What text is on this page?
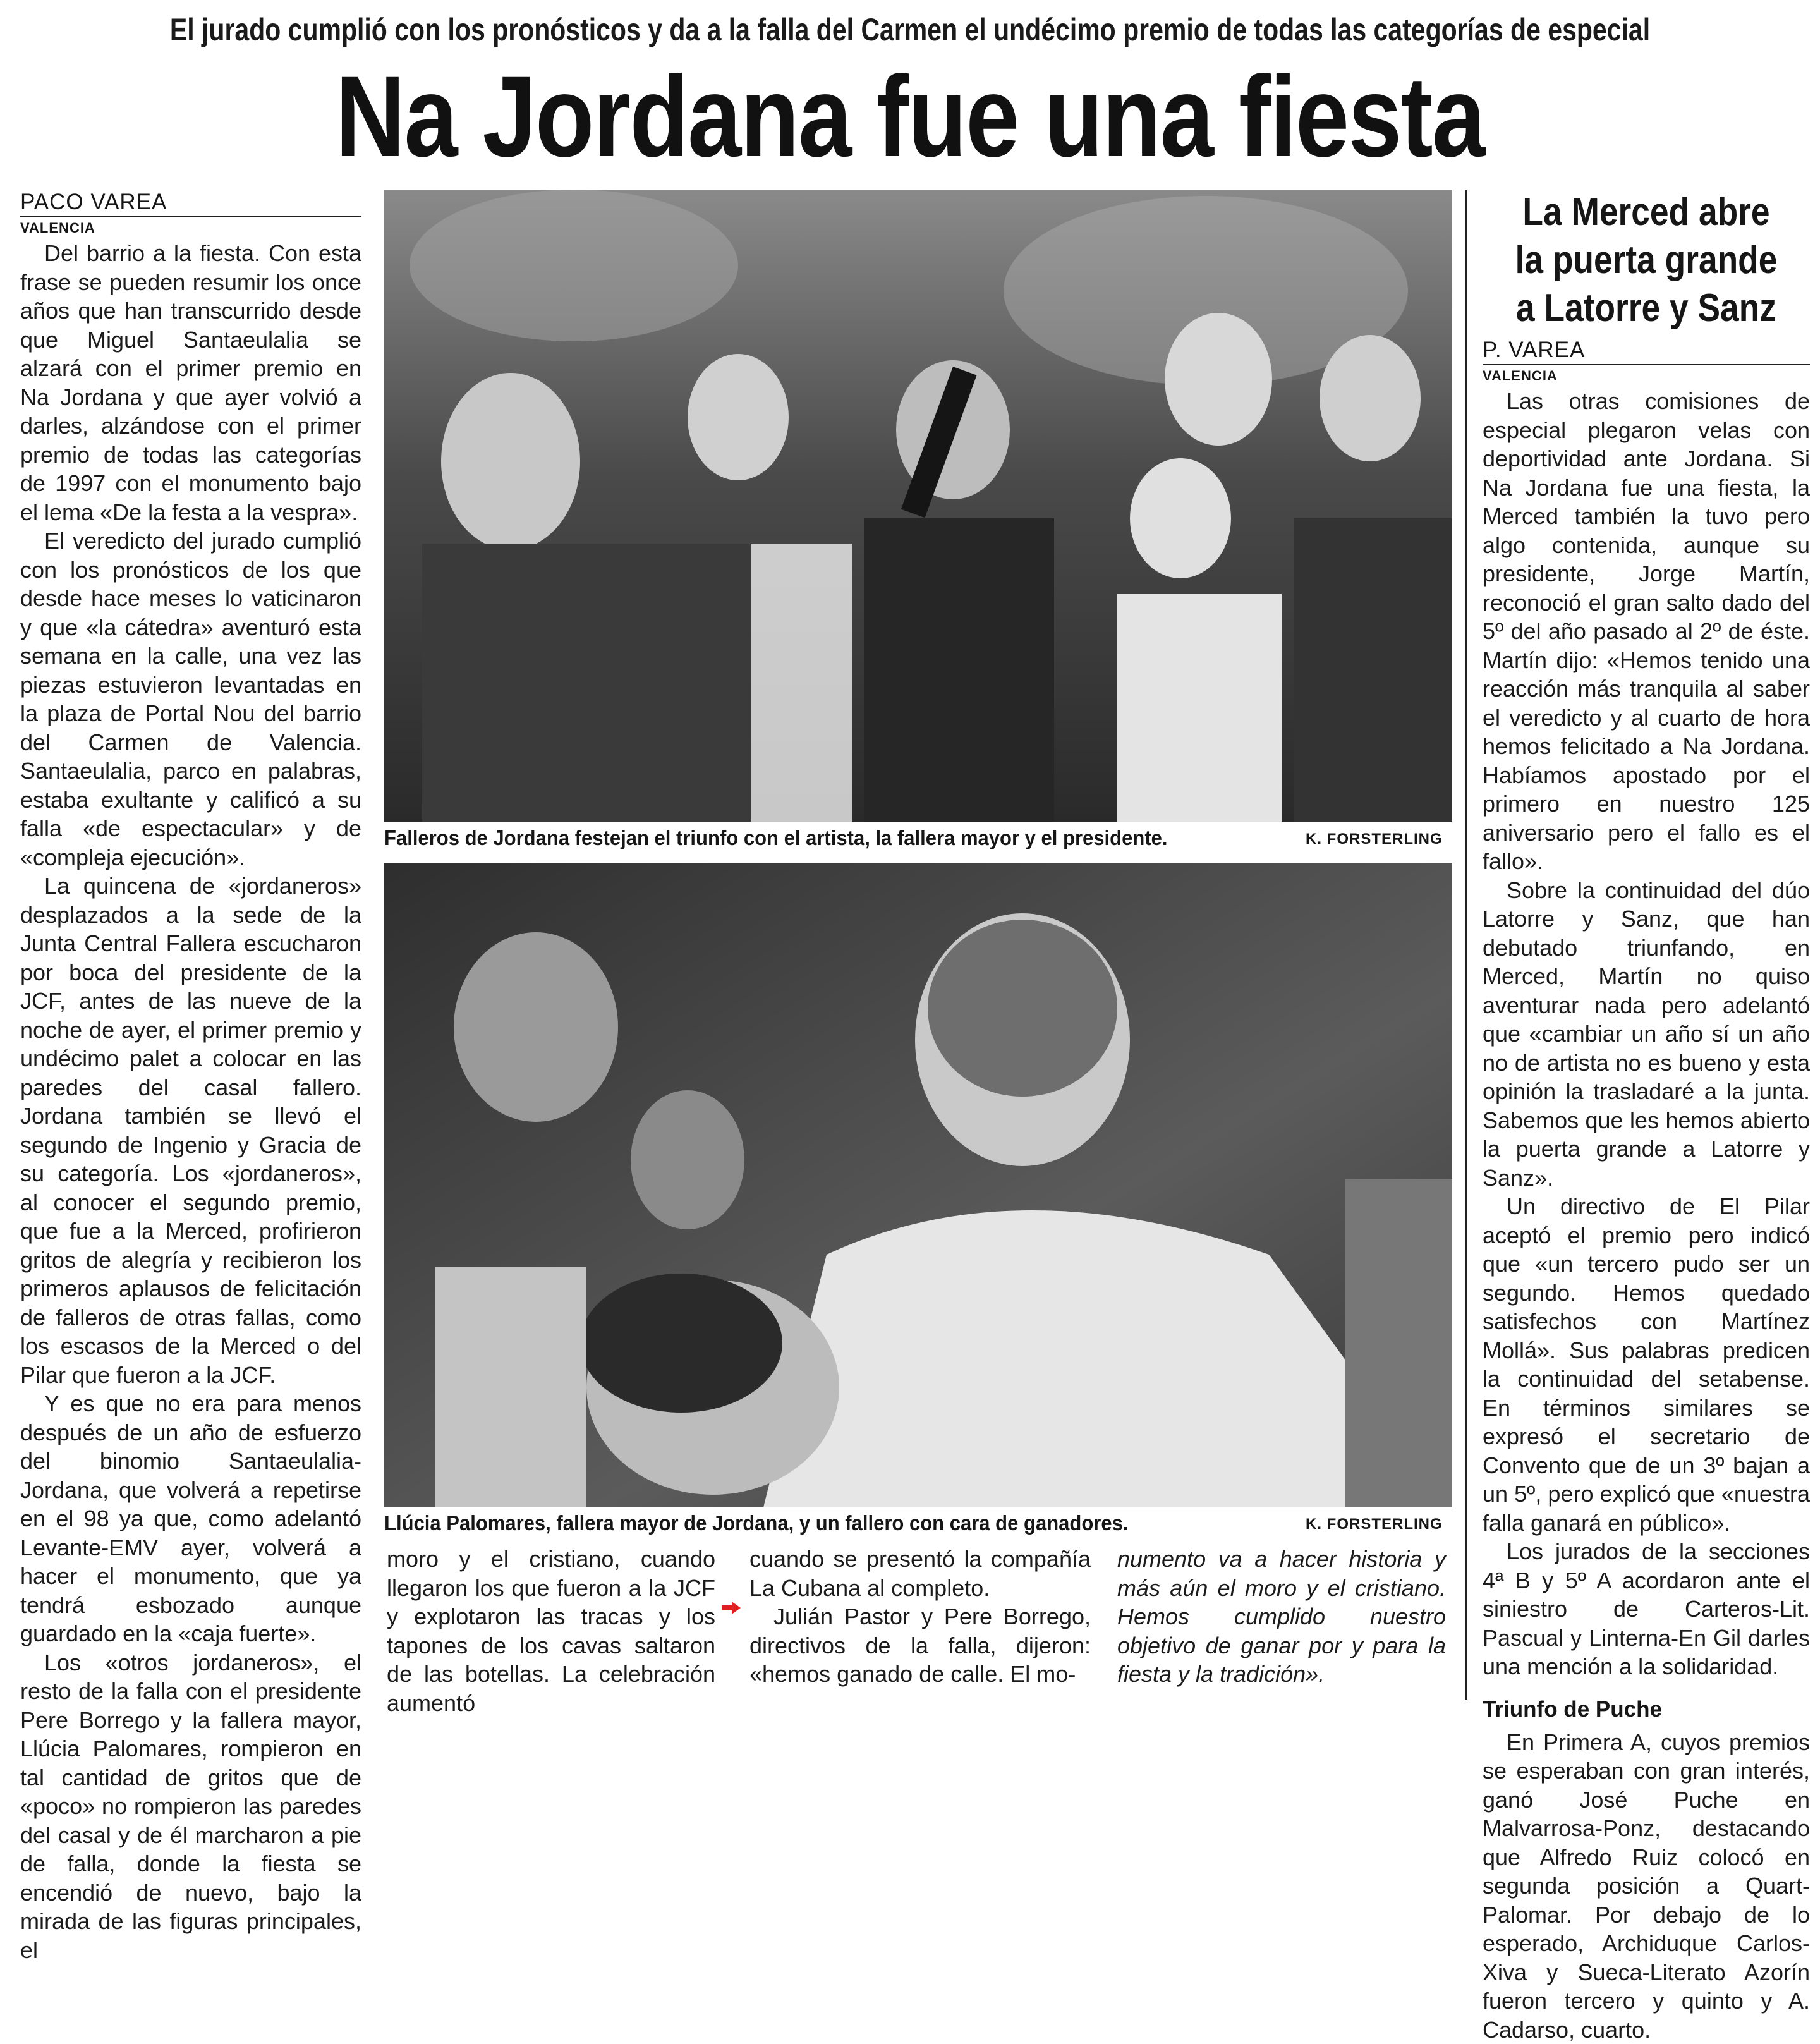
El jurado cumplió con los pronósticos y da a la falla del Carmen el undécimo premio de todas las categorías de especial
Na Jordana fue una fiesta
PACO VAREA
VALENCIA

Del barrio a la fiesta. Con esta frase se pueden resumir los once años que han transcurrido desde que Miguel Santaeulalia se alzará con el primer premio en Na Jordana y que ayer volvió a darles, alzándose con el primer premio de todas las categorías de 1997 con el monumento bajo el lema «De la festa a la vespra».

El veredicto del jurado cumplió con los pronósticos de los que desde hace meses lo vaticinaron y que «la cátedra» aventuró esta semana en la calle, una vez las piezas estuvieron levantadas en la plaza de Portal Nou del barrio del Carmen de Valencia. Santaeulalia, parco en palabras, estaba exultante y calificó a su falla «de espectacular» y de «compleja ejecución».

La quincena de «jordaneros» desplazados a la sede de la Junta Central Fallera escucharon por boca del presidente de la JCF, antes de las nueve de la noche de ayer, el primer premio y undécimo palet a colocar en las paredes del casal fallero. Jordana también se llevó el segundo de Ingenio y Gracia de su categoría. Los «jordaneros», al conocer el segundo premio, que fue a la Merced, profirieron gritos de alegría y recibieron los primeros aplausos de felicitación de falleros de otras fallas, como los escasos de la Merced o del Pilar que fueron a la JCF.

Y es que no era para menos después de un año de esfuerzo del binomio Santaeulalia-Jordana, que volverá a repetirse en el 98 ya que, como adelantó Levante-EMV ayer, volverá a hacer el monumento, que ya tendrá esbozado aunque guardado en la «caja fuerte».

Los «otros jordaneros», el resto de la falla con el presidente Pere Borrego y la fallera mayor, Llúcia Palomares, rompieron en tal cantidad de gritos que de «poco» no rompieron las paredes del casal y de él marcharon a pie de falla, donde la fiesta se encendió de nuevo, bajo la mirada de las figuras principales, el

Falleros de Jordana festejan el triunfo con el artista, la fallera mayor y el presidente.	K. FORSTERLING
Llúcia Palomares, fallera mayor de Jordana, y un fallero con cara de ganadores.	K. FORSTERLING

moro y el cristiano, cuando llegaron los que fueron a la JCF y explotaron las tracas y los tapones de los cavas saltaron de las botellas. La celebración aumentó

cuando se presentó la compañía La Cubana al completo.

Julián Pastor y Pere Borrego, directivos de la falla, dijeron: «hemos ganado de calle. El mo-

numento va a hacer historia y más aún el moro y el cristiano. Hemos cumplido nuestro objetivo de ganar por y para la fiesta y la tradición».

La Merced abre la puerta grande a Latorre y Sanz
P. VAREA
VALENCIA

Las otras comisiones de especial plegaron velas con deportividad ante Jordana. Si Na Jordana fue una fiesta, la Merced también la tuvo pero algo contenida, aunque su presidente, Jorge Martín, reconoció el gran salto dado del 5º del año pasado al 2º de éste. Martín dijo: «Hemos tenido una reacción más tranquila al saber el veredicto y al cuarto de hora hemos felicitado a Na Jordana. Habíamos apostado por el primero en nuestro 125 aniversario pero el fallo es el fallo».

Sobre la continuidad del dúo Latorre y Sanz, que han debutado triunfando, en Merced, Martín no quiso aventurar nada pero adelantó que «cambiar un año sí un año no de artista no es bueno y esta opinión la trasladaré a la junta. Sabemos que les hemos abierto la puerta grande a Latorre y Sanz».

Un directivo de El Pilar aceptó el premio pero indicó que «un tercero pudo ser un segundo. Hemos quedado satisfechos con Martínez Mollá». Sus palabras predicen la continuidad del setabense. En términos similares se expresó el secretario de Convento que de un 3º bajan a un 5º, pero explicó que «nuestra falla ganará en público».

Los jurados de la secciones 4ª B y 5º A acordaron ante el siniestro de Carteros-Lit. Pascual y Linterna-En Gil darles una mención a la solidaridad.

Triunfo de Puche

En Primera A, cuyos premios se esperaban con gran interés, ganó José Puche en Malvarrosa-Ponz, destacando que Alfredo Ruiz colocó en segunda posición a Quart-Palomar. Por debajo de lo esperado, Archiduque Carlos-Xiva y Sueca-Literato Azorín fueron tercero y quinto y A. Cadarso, cuarto.
